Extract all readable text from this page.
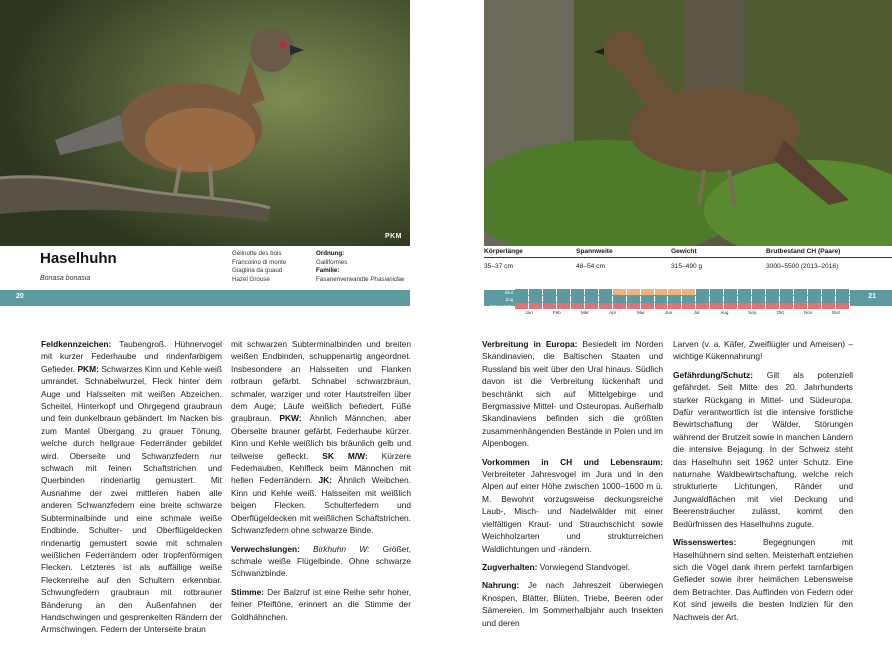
PKM
Haselhuhn
Bonasa bonasia
Gélinotte des bois
Francolino di monte
Giaglina da guaud
Hazel Grouse
Ordnung:
Galliformes
Familie:
Fasanenverwandte Phasianidae
20
Körperlänge	Spannweite	Gewicht	Brutbestand CH (Paare)
35–37 cm	48–54 cm	315–490 g	3000–5500 (2013–2016)
21
Brut
Zug
Präsenz CH
Jan	Feb	Mär	Apr	Mai	Jun	Jul	Aug	Sep	Okt	Nov	Dez

Feldkennzeichen: Taubengroß. Hühnervogel mit kurzer Federhaube und rindenfarbigem Gefieder. PKM: Schwarzes Kinn und Kehle weiß umrandet. Schnabelwurzel, Fleck hinter dem Auge und Halsseiten mit weißen Abzeichen. Scheitel, Hinterkopf und Ohrgegend graubraun und fein dunkelbraun gebändert. Im Nacken bis zum Mantel Übergang zu grauer Tönung, welche durch hellgraue Federränder gebildet wird. Oberseite und Schwanzfedern nur schwach mit feinen Schaftstrichen und Querbinden rindenartig gemustert. Mit Ausnahme der zwei mittleren haben alle anderen Schwanzfedern eine breite schwarze Subterminalbinde und eine schmale weiße Endbinde. Schulter- und Oberflügeldecken rindenartig gemustert sowie mit schmalen weißlichen Federrändern oder tropfenförmigen Flecken. Letzteres ist als auffällige weiße Fleckenreihe auf den Schultern erkennbar. Schwungfedern graubraun mit rotbrauner Bänderung an den Außenfahnen der Handschwingen und gesprenkelten Rändern der Armschwingen. Federn der Unterseite braun

mit schwarzen Subterminalbinden und breiten weißen Endbinden, schuppenartig angeordnet. Insbesondere an Halsseiten und Flanken rotbraun gefärbt. Schnabel schwarzbraun, schmaler, warziger und roter Hautstreifen über dem Auge; Läufe weißlich befiedert, Füße graubraun. PKW: Ähnlich Männchen, aber Oberseite brauner gefärbt. Federhaube kürzer. Kinn und Kehle weißlich bis bräunlich gelb und teilweise gefleckt. SK M/W: Kürzere Federhauben, Kehlfleck beim Männchen mit hellen Federrändern. JK: Ähnlich Weibchen. Kinn und Kehle weiß. Halsseiten mit weißlich beigen Flecken. Schulterfedern und Oberflügeldecken mit weißlichen Schaftstrichen. Schwanzfedern ohne schwarze Binde.

Verwechslungen: Birkhuhn W: Größer, schmale weiße Flügelbinde. Ohne schwarze Schwanzbinde.

Stimme: Der Balzruf ist eine Reihe sehr hoher, feiner Pfeiftöne, erinnert an die Stimme der Goldhähnchen.

Verbreitung in Europa: Besiedelt im Norden Skandinavien, die Baltischen Staaten und Russland bis weit über den Ural hinaus. Südlich davon ist die Verbreitung lückenhaft und beschränkt sich auf Mittelgebirge und Bergmassive Mittel- und Osteuropas. Außerhalb Skandinaviens befinden sich die größten zusammenhängenden Bestände in Polen und im Alpenbogen.

Vorkommen in CH und Lebensraum: Verbreiteter Jahresvogel im Jura und in den Alpen auf einer Höhe zwischen 1000–1600 m ü. M. Bewohnt vorzugsweise deckungsreiche Laub-, Misch- und Nadelwälder mit einer vielfältigen Kraut- und Strauchschicht sowie Weichholzarten und strukturreichen Waldlichtungen und -rändern.

Zugverhalten: Vorwiegend Standvogel.

Nahrung: Je nach Jahreszeit überwiegen Knospen, Blätter, Blüten, Triebe, Beeren oder Sämereien. Im Sommerhalbjahr auch Insekten und deren

Larven (v. a. Käfer, Zweiflügler und Ameisen) – wichtige Kükennahrung!

Gefährdung/Schutz: Gilt als potenziell gefährdet. Seit Mitte des 20. Jahrhunderts starker Rückgang in Mittel- und Südeuropa. Dafür verantwortlich ist die intensive forstliche Bewirtschaftung der Wälder, Störungen während der Brutzeit sowie in manchen Ländern die intensive Bejagung. In der Schweiz steht das Haselhuhn seit 1962 unter Schutz. Eine naturnahe Waldbewirtschaftung, welche reich strukturierte Lichtungen, Ränder und Jungwaldflächen mit viel Deckung und Beerensträucher zulässt, kommt den Bedürfnissen des Haselhuhns zugute.

Wissenswertes: Begegnungen mit Haselhühnern sind selten. Meisterhaft entziehen sich die Vögel dank ihrem perfekt tarnfarbigen Gefieder sowie ihrer heimlichen Lebensweise dem Betrachter. Das Auffinden von Federn oder Kot sind jeweils die besten Indizien für den Nachweis der Art.
